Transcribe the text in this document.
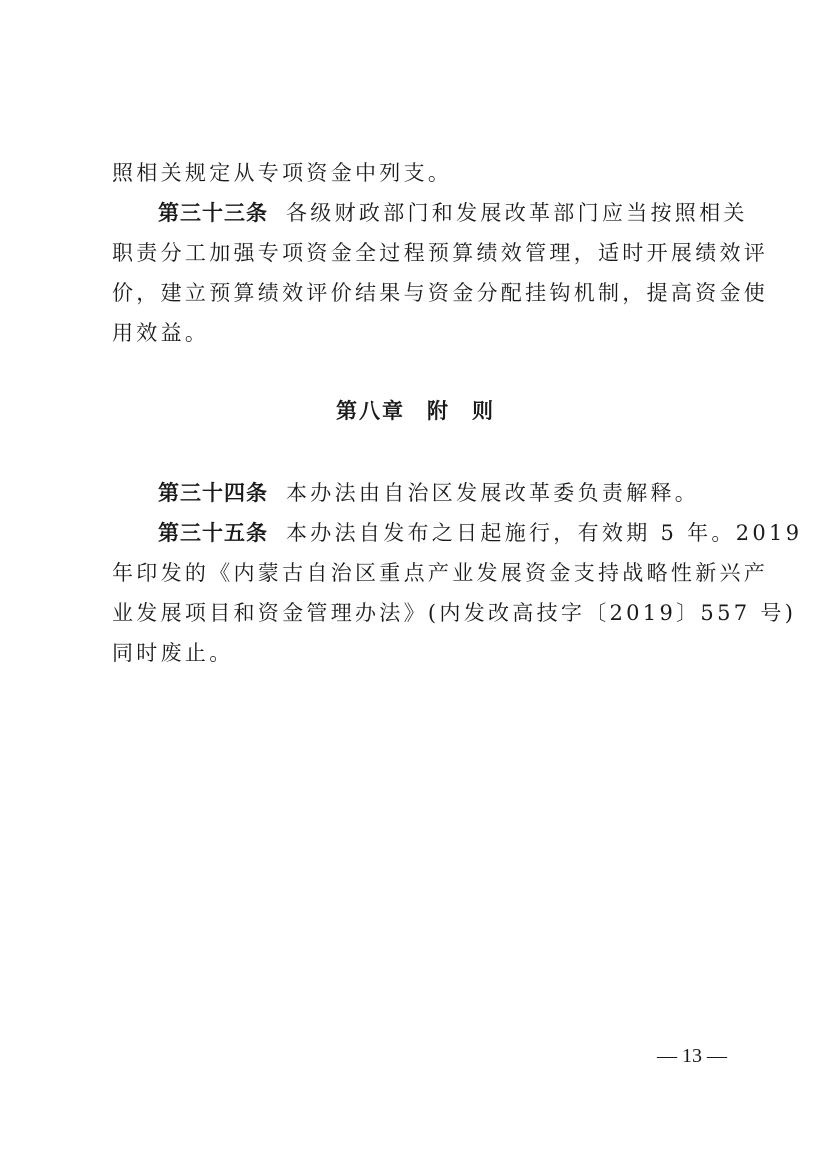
照相关规定从专项资金中列支。
第三十三条 各级财政部门和发展改革部门应当按照相关
职责分工加强专项资金全过程预算绩效管理，适时开展绩效评
价，建立预算绩效评价结果与资金分配挂钩机制，提高资金使
用效益。
第八章 附 则
第三十四条 本办法由自治区发展改革委负责解释。
第三十五条 本办法自发布之日起施行，有效期 5 年。2019
年印发的《内蒙古自治区重点产业发展资金支持战略性新兴产
业发展项目和资金管理办法》(内发改高技字〔2019〕557 号)
同时废止。
— 13 —
